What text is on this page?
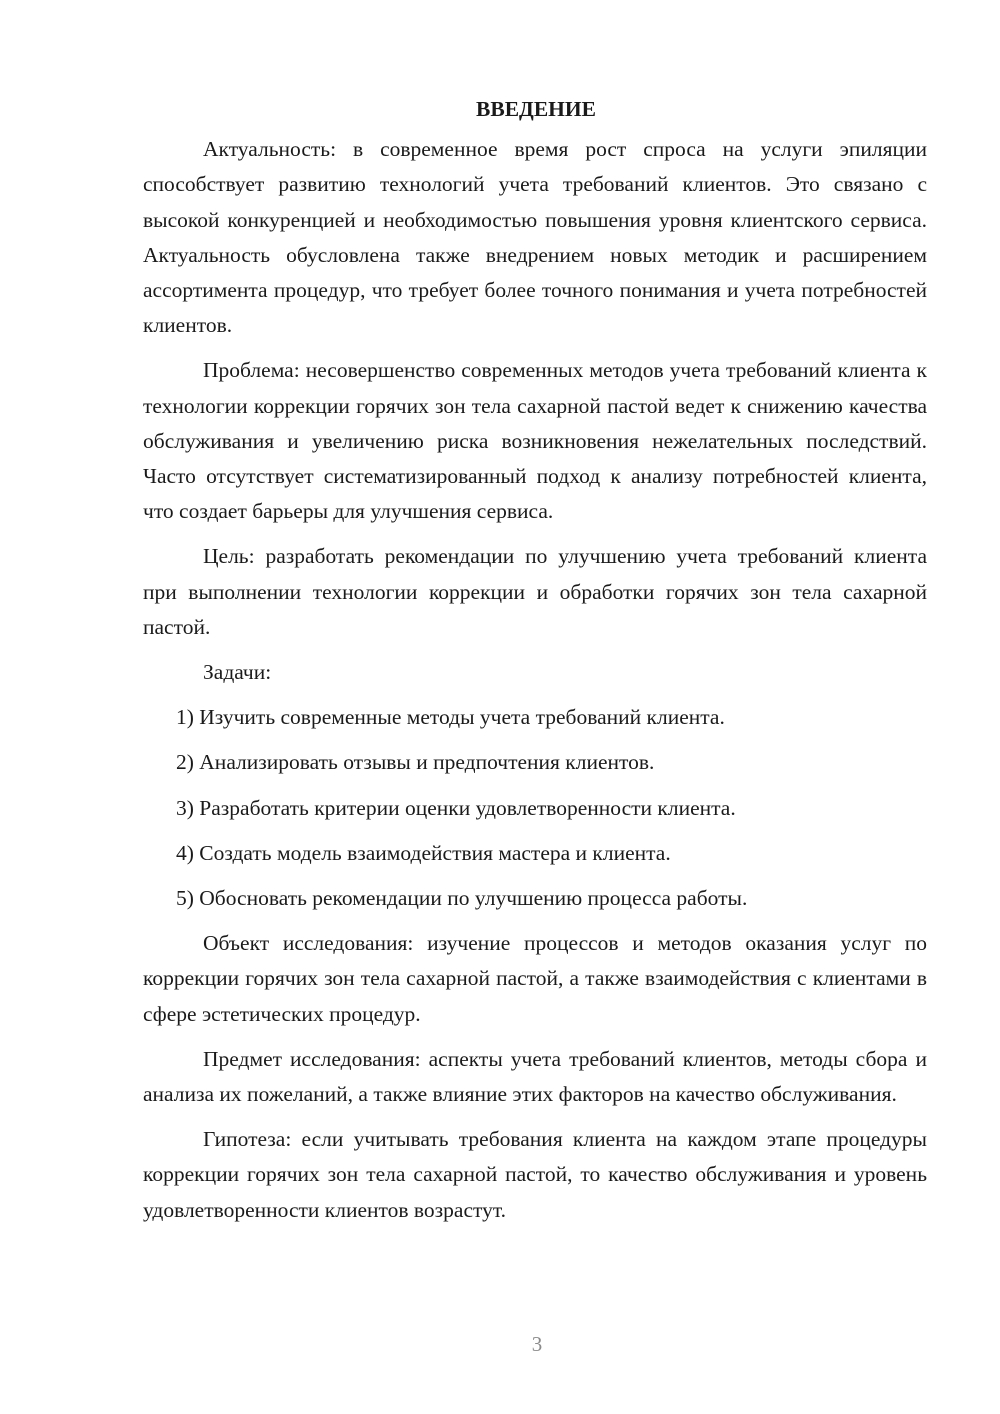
ВВЕДЕНИЕ

Актуальность: в современное время рост спроса на услуги эпиляции способствует развитию технологий учета требований клиентов. Это связано с высокой конкуренцией и необходимостью повышения уровня клиентского сервиса. Актуальность обусловлена также внедрением новых методик и расширением ассортимента процедур, что требует более точного понимания и учета потребностей клиентов.

Проблема: несовершенство современных методов учета требований клиента к технологии коррекции горячих зон тела сахарной пастой ведет к снижению качества обслуживания и увеличению риска возникновения нежелательных последствий. Часто отсутствует систематизированный подход к анализу потребностей клиента, что создает барьеры для улучшения сервиса.

Цель: разработать рекомендации по улучшению учета требований клиента при выполнении технологии коррекции и обработки горячих зон тела сахарной пастой.

Задачи:

1) Изучить современные методы учета требований клиента.
2) Анализировать отзывы и предпочтения клиентов.
3) Разработать критерии оценки удовлетворенности клиента.
4) Создать модель взаимодействия мастера и клиента.
5) Обосновать рекомендации по улучшению процесса работы.

Объект исследования: изучение процессов и методов оказания услуг по коррекции горячих зон тела сахарной пастой, а также взаимодействия с клиентами в сфере эстетических процедур.

Предмет исследования: аспекты учета требований клиентов, методы сбора и анализа их пожеланий, а также влияние этих факторов на качество обслуживания.

Гипотеза: если учитывать требования клиента на каждом этапе процедуры коррекции горячих зон тела сахарной пастой, то качество обслуживания и уровень удовлетворенности клиентов возрастут.

3
